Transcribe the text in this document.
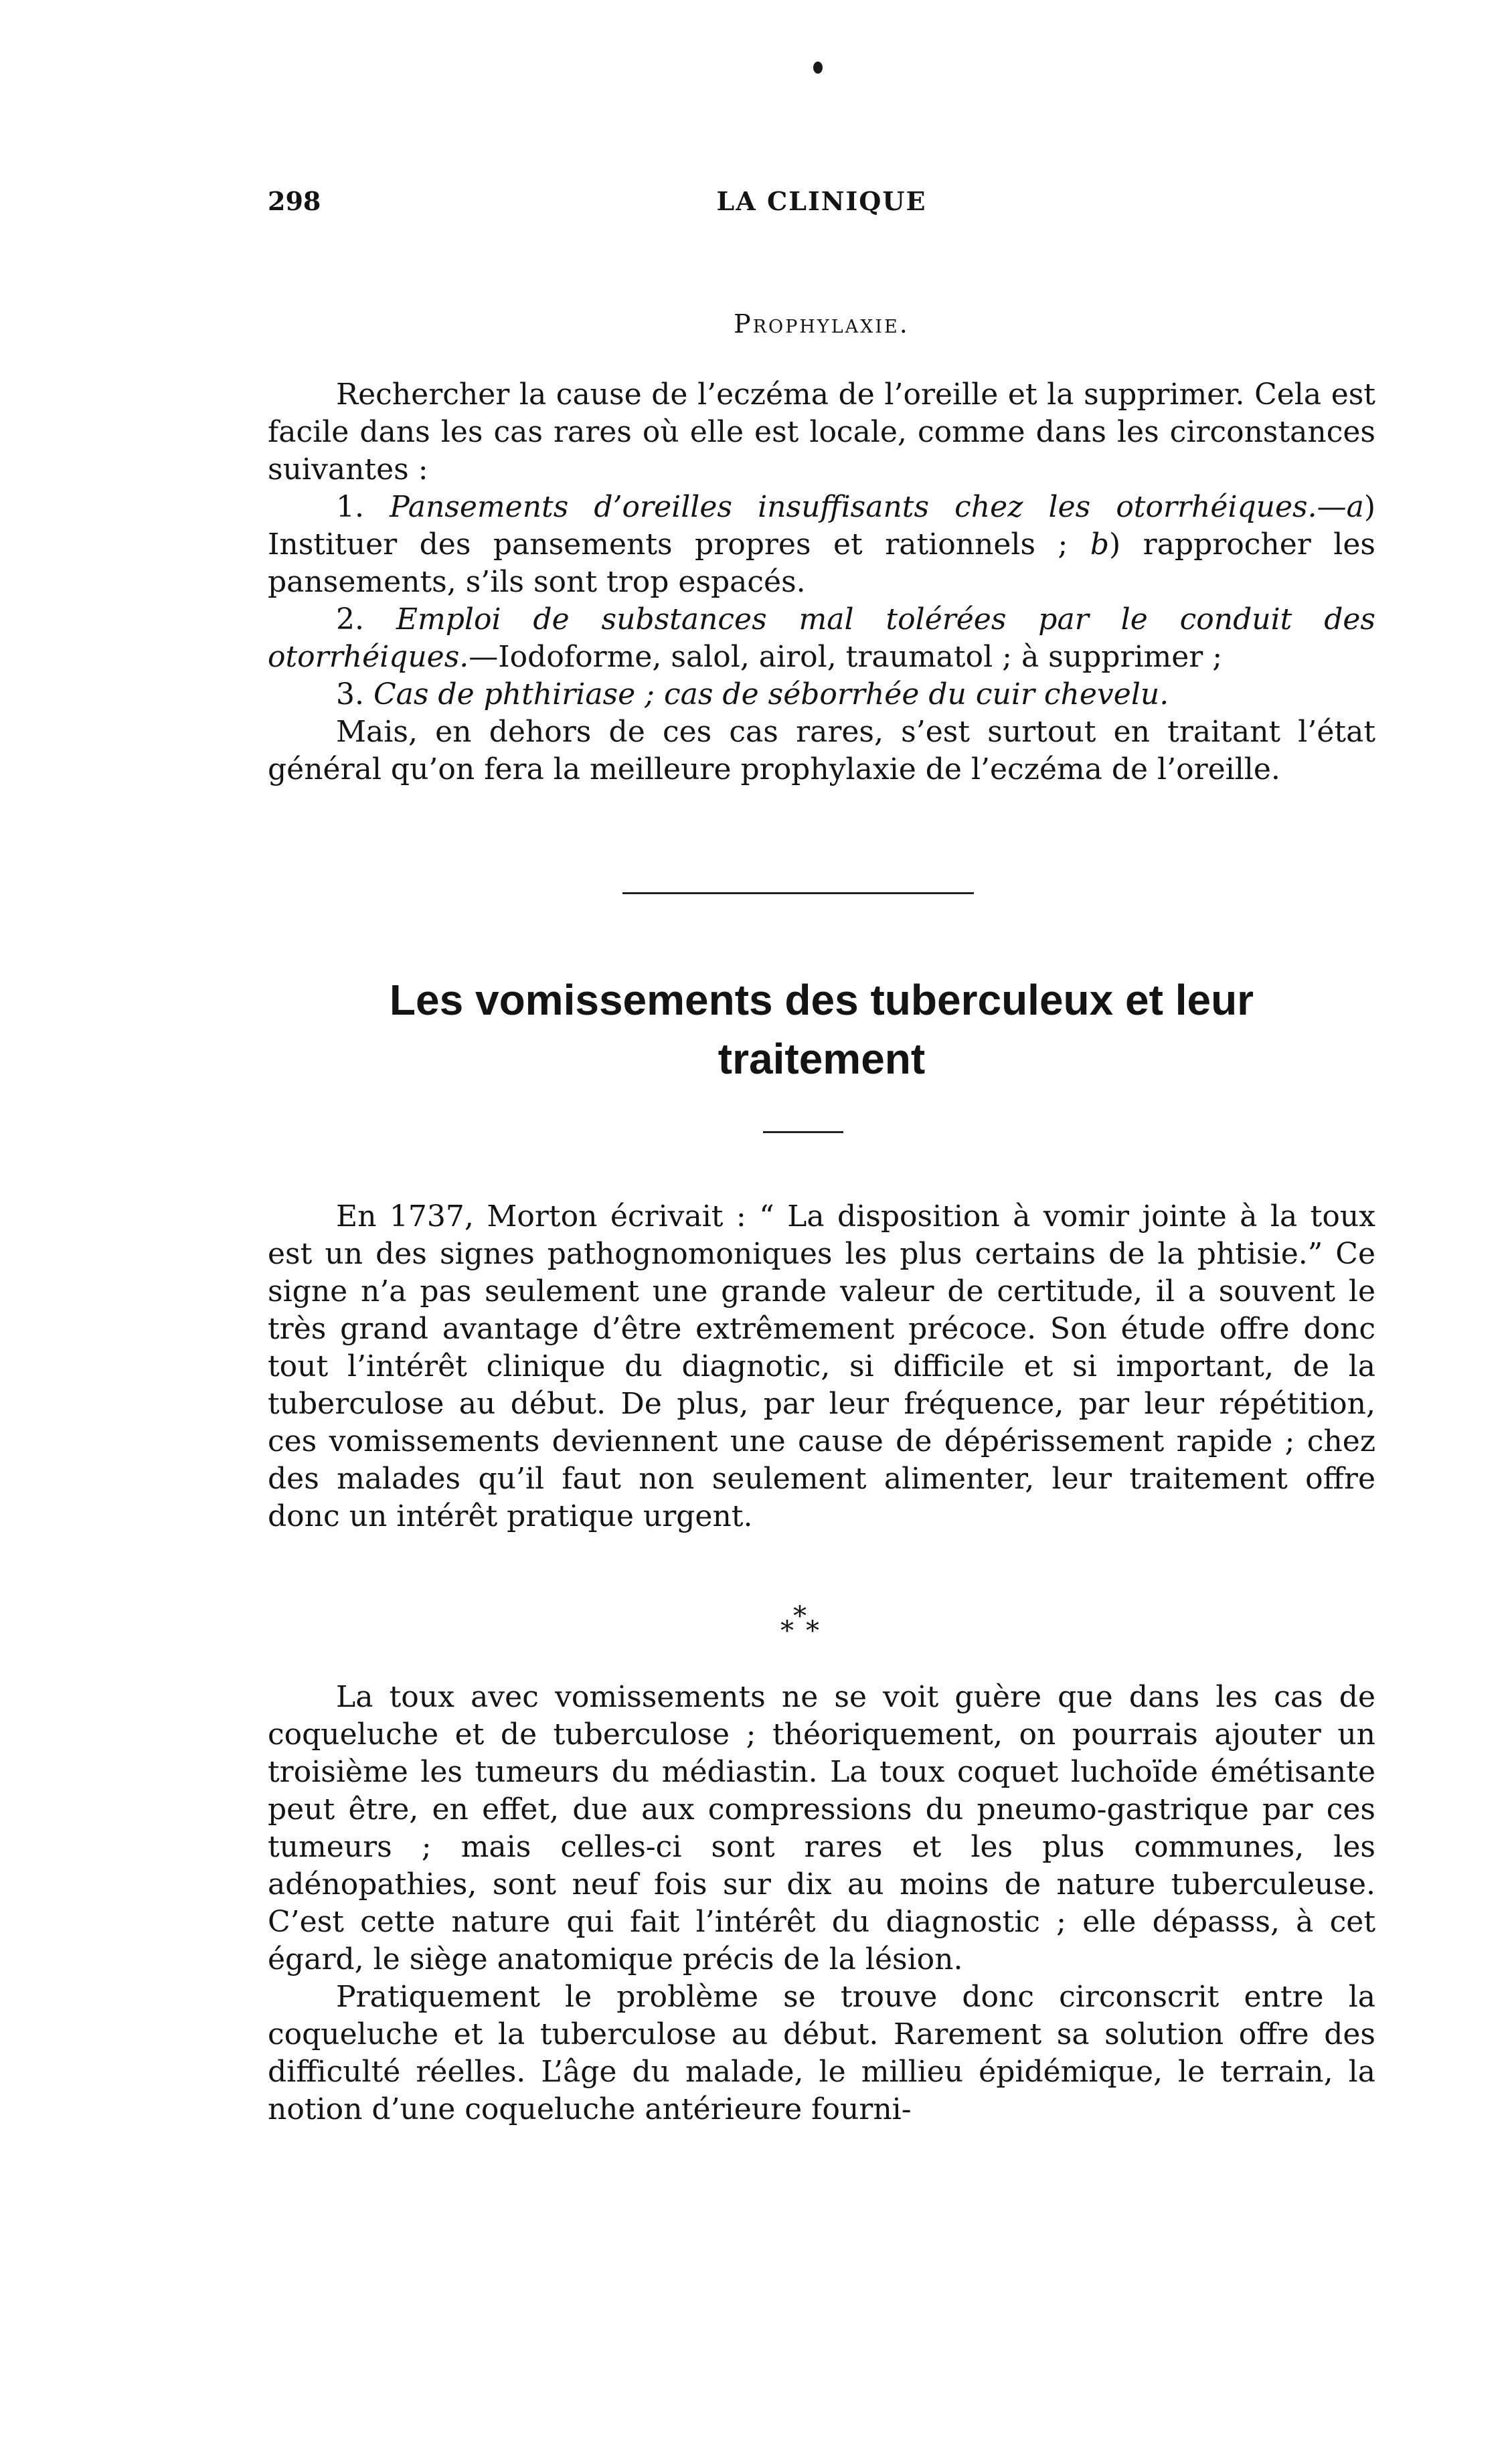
298	LA CLINIQUE
Prophylaxie.

Rechercher la cause de l’eczéma de l’oreille et la supprimer. Cela est facile dans les cas rares où elle est locale, comme dans les circonstances suivantes :

1. Pansements d’oreilles insuffisants chez les otorrhéiques.—a) Instituer des pansements propres et rationnels ; b) rapprocher les pansements, s’ils sont trop espacés.

2. Emploi de substances mal tolérées par le conduit des otorrhéiques.—Iodoforme, salol, airol, traumatol ; à supprimer ;

3. Cas de phthiriase ; cas de séborrhée du cuir chevelu.

Mais, en dehors de ces cas rares, s’est surtout en traitant l’état général qu’on fera la meilleure prophylaxie de l’eczéma de l’oreille.

Les vomissements des tuberculeux et leur
traitement

En 1737, Morton écrivait : “ La disposition à vomir jointe à la toux est un des signes pathognomoniques les plus certains de la phtisie.” Ce signe n’a pas seulement une grande valeur de certitude, il a souvent le très grand avantage d’être extrêmement précoce. Son étude offre donc tout l’intérêt clinique du diagnotic, si difficile et si important, de la tuberculose au début. De plus, par leur fréquence, par leur répétition, ces vomissements deviennent une cause de dépérissement rapide ; chez des malades qu’il faut non seulement alimenter, leur traitement offre donc un intérêt pratique urgent.

*
* *

La toux avec vomissements ne se voit guère que dans les cas de coqueluche et de tuberculose ; théoriquement, on pourrais ajouter un troisième les tumeurs du médiastin. La toux coquet luchoïde émétisante peut être, en effet, due aux compressions du pneumo-gastrique par ces tumeurs ; mais celles-ci sont rares et les plus communes, les adénopathies, sont neuf fois sur dix au moins de nature tuberculeuse. C’est cette nature qui fait l’intérêt du diagnostic ; elle dépasss, à cet égard, le siège anatomique précis de la lésion.

Pratiquement le problème se trouve donc circonscrit entre la coqueluche et la tuberculose au début. Rarement sa solution offre des difficulté réelles. L’âge du malade, le millieu épidémique, le terrain, la notion d’une coqueluche antérieure fourni-
